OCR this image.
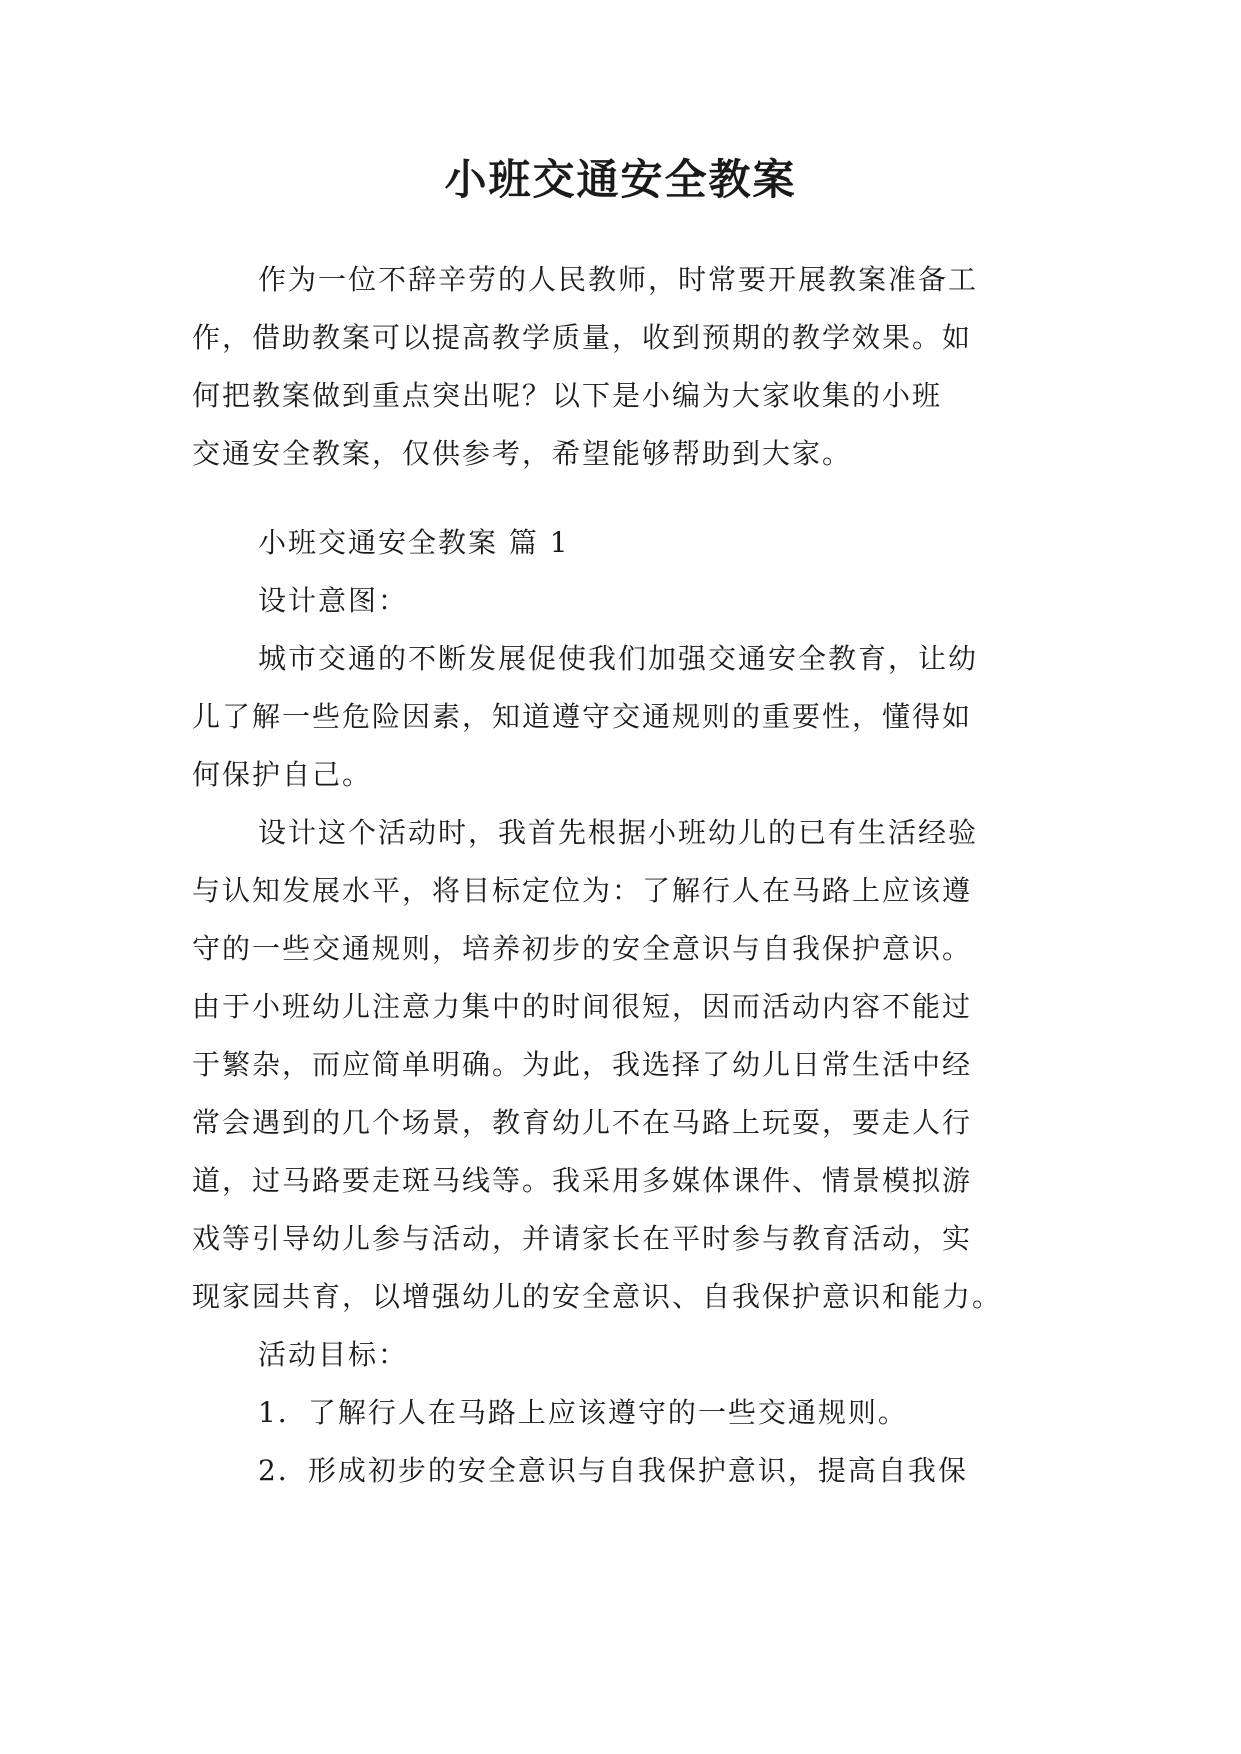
小班交通安全教案
作为一位不辞辛劳的人民教师，时常要开展教案准备工
作，借助教案可以提高教学质量，收到预期的教学效果。如
何把教案做到重点突出呢？以下是小编为大家收集的小班
交通安全教案，仅供参考，希望能够帮助到大家。
小班交通安全教案 篇 1
设计意图：
城市交通的不断发展促使我们加强交通安全教育，让幼
儿了解一些危险因素，知道遵守交通规则的重要性，懂得如
何保护自己。
设计这个活动时，我首先根据小班幼儿的已有生活经验
与认知发展水平，将目标定位为：了解行人在马路上应该遵
守的一些交通规则，培养初步的安全意识与自我保护意识。
由于小班幼儿注意力集中的时间很短，因而活动内容不能过
于繁杂，而应简单明确。为此，我选择了幼儿日常生活中经
常会遇到的几个场景，教育幼儿不在马路上玩耍，要走人行
道，过马路要走斑马线等。我采用多媒体课件、情景模拟游
戏等引导幼儿参与活动，并请家长在平时参与教育活动，实
现家园共育，以增强幼儿的安全意识、自我保护意识和能力。
活动目标：
1．了解行人在马路上应该遵守的一些交通规则。
2．形成初步的安全意识与自我保护意识，提高自我保
